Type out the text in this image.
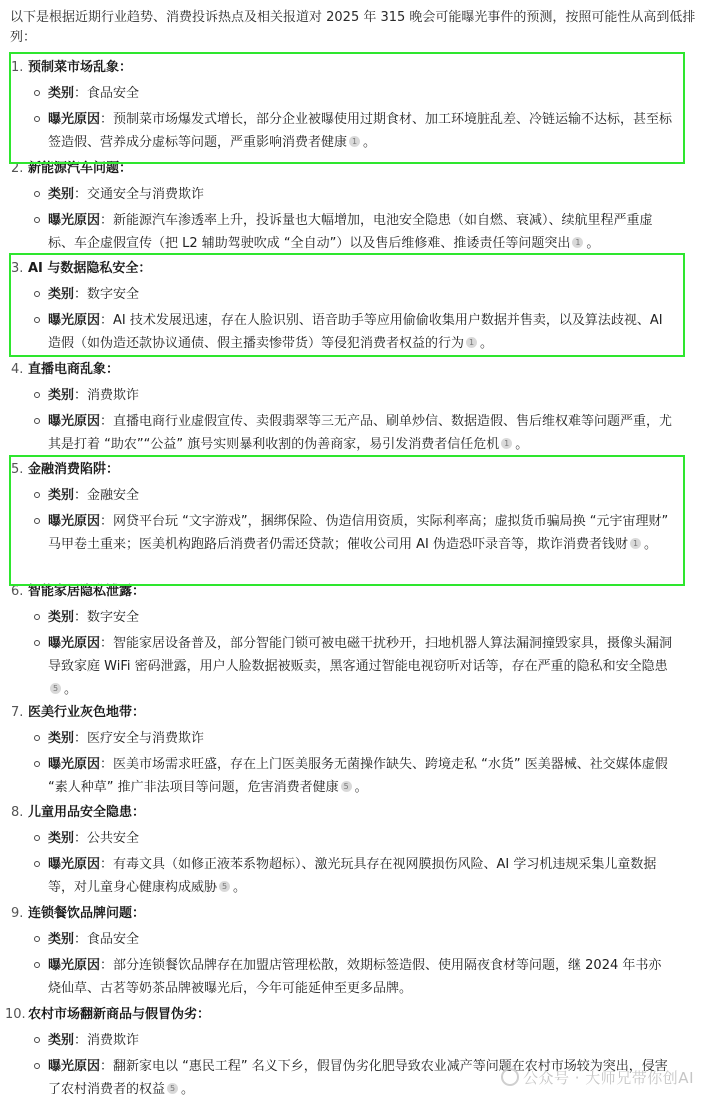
以下是根据近期行业趋势、消费投诉热点及相关报道对 2025 年 315 晚会可能曝光事件的预测，按照可能性从高到低排列：
1. 预制菜市场乱象：
类别：食品安全
曝光原因：预制菜市场爆发式增长，部分企业被曝使用过期食材、加工环境脏乱差、冷链运输不达标，甚至标签造假、营养成分虚标等问题，严重影响消费者健康 1 。
2. 新能源汽车问题：
类别：交通安全与消费欺诈
曝光原因：新能源汽车渗透率上升，投诉量也大幅增加，电池安全隐患（如自燃、衰减）、续航里程严重虚标、车企虚假宣传（把 L2 辅助驾驶吹成 “全自动”）以及售后维修难、推诿责任等问题突出 1 。
3. AI 与数据隐私安全：
类别：数字安全
曝光原因：AI 技术发展迅速，存在人脸识别、语音助手等应用偷偷收集用户数据并售卖，以及算法歧视、AI 造假（如伪造还款协议通债、假主播卖惨带货）等侵犯消费者权益的行为 1 。
4. 直播电商乱象：
类别：消费欺诈
曝光原因：直播电商行业虚假宣传、卖假翡翠等三无产品、刷单炒信、数据造假、售后维权难等问题严重，尤其是打着 “助农”“公益” 旗号实则暴利收割的伪善商家，易引发消费者信任危机 1 。
5. 金融消费陷阱：
类别：金融安全
曝光原因：网贷平台玩 “文字游戏”，捆绑保险、伪造信用资质，实际利率高；虚拟货币骗局换 “元宇宙理财” 马甲卷土重来；医美机构跑路后消费者仍需还贷款；催收公司用 AI 伪造恐吓录音等，欺诈消费者钱财 1 。
6. 智能家居隐私泄露：
类别：数字安全
曝光原因：智能家居设备普及，部分智能门锁可被电磁干扰秒开，扫地机器人算法漏洞撞毁家具，摄像头漏洞导致家庭 WiFi 密码泄露，用户人脸数据被贩卖，黑客通过智能电视窃听对话等，存在严重的隐私和安全隐患5 。
7. 医美行业灰色地带：
类别：医疗安全与消费欺诈
曝光原因：医美市场需求旺盛，存在上门医美服务无菌操作缺失、跨境走私 “水货” 医美器械、社交媒体虚假 “素人种草” 推广非法项目等问题，危害消费者健康 5 。
8. 儿童用品安全隐患：
类别：公共安全
曝光原因：有毒文具（如修正液苯系物超标）、激光玩具存在视网膜损伤风险、AI 学习机违规采集儿童数据等，对儿童身心健康构成威胁 5 。
9. 连锁餐饮品牌问题：
类别：食品安全
曝光原因：部分连锁餐饮品牌存在加盟店管理松散，效期标签造假、使用隔夜食材等问题，继 2024 年书亦烧仙草、古茗等奶茶品牌被曝光后，今年可能延伸至更多品牌。
10. 农村市场翻新商品与假冒伪劣：
类别：消费欺诈
曝光原因：翻新家电以 “惠民工程” 名义下乡，假冒伪劣化肥导致农业减产等问题在农村市场较为突出，侵害了农村消费者的权益 5 。
公众号 · 大师兄带你创AI
